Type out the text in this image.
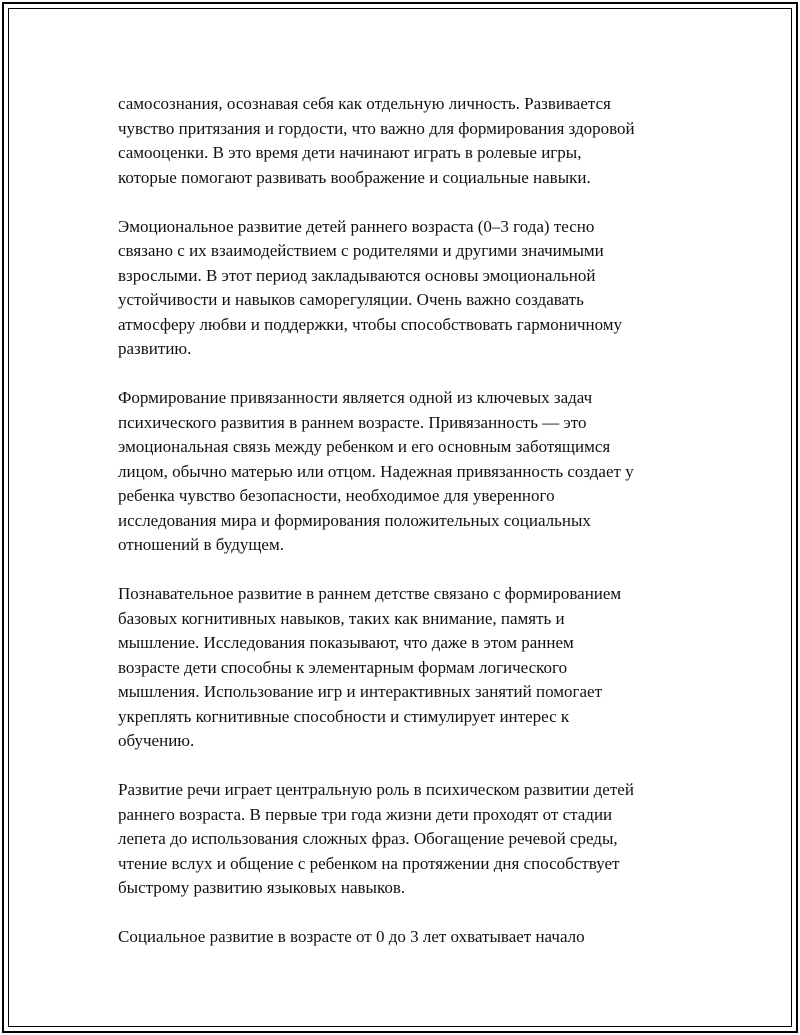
самосознания, осознавая себя как отдельную личность. Развивается
чувство притязания и гордости, что важно для формирования здоровой
самооценки. В это время дети начинают играть в ролевые игры,
которые помогают развивать воображение и социальные навыки.

Эмоциональное развитие детей раннего возраста (0–3 года) тесно
связано с их взаимодействием с родителями и другими значимыми
взрослыми. В этот период закладываются основы эмоциональной
устойчивости и навыков саморегуляции. Очень важно создавать
атмосферу любви и поддержки, чтобы способствовать гармоничному
развитию.

Формирование привязанности является одной из ключевых задач
психического развития в раннем возрасте. Привязанность — это
эмоциональная связь между ребенком и его основным заботящимся
лицом, обычно матерью или отцом. Надежная привязанность создает у
ребенка чувство безопасности, необходимое для уверенного
исследования мира и формирования положительных социальных
отношений в будущем.

Познавательное развитие в раннем детстве связано с формированием
базовых когнитивных навыков, таких как внимание, память и
мышление. Исследования показывают, что даже в этом раннем
возрасте дети способны к элементарным формам логического
мышления. Использование игр и интерактивных занятий помогает
укреплять когнитивные способности и стимулирует интерес к
обучению.

Развитие речи играет центральную роль в психическом развитии детей
раннего возраста. В первые три года жизни дети проходят от стадии
лепета до использования сложных фраз. Обогащение речевой среды,
чтение вслух и общение с ребенком на протяжении дня способствует
быстрому развитию языковых навыков.

Социальное развитие в возрасте от 0 до 3 лет охватывает начало
